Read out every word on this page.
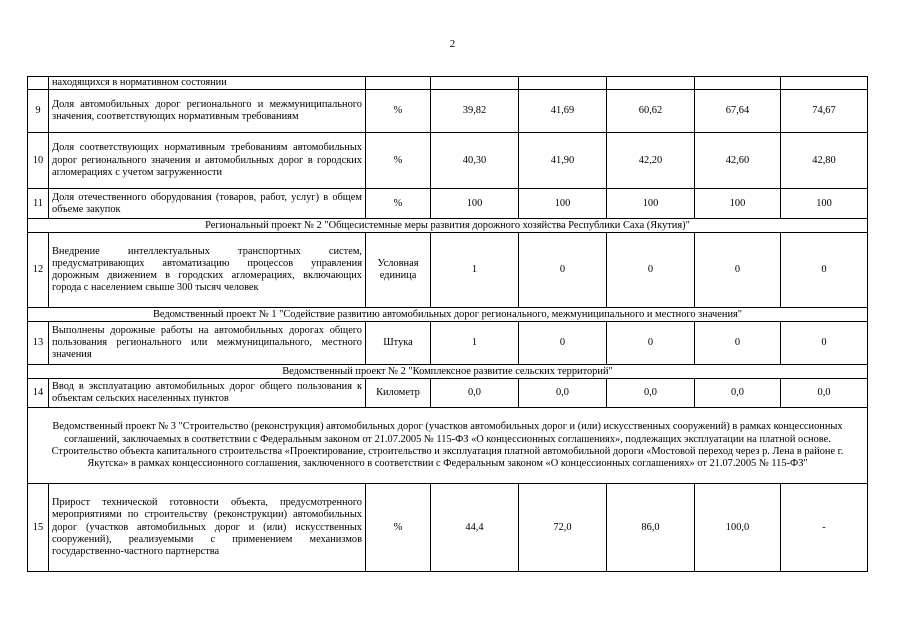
2
	находящихся в нормативном состоянии						
9	Доля автомобильных дорог регионального и межмуниципального значения, соответствующих нормативным требованиям	%	39,82	41,69	60,62	67,64	74,67
10	Доля соответствующих нормативным требованиям автомобильных дорог регионального значения и автомобильных дорог в городских агломерациях с учетом загруженности	%	40,30	41,90	42,20	42,60	42,80
11	Доля отечественного оборудования (товаров, работ, услуг) в общем объеме закупок	%	100	100	100	100	100
Региональный проект № 2 "Общесистемные меры развития дорожного хозяйства Республики Саха (Якутия)"							
12	Внедрение интеллектуальных транспортных систем, предусматривающих автоматизацию процессов управления дорожным движением в городских агломерациях, включающих города с населением свыше 300 тысяч человек	Условная единица	1	0	0	0	0
Ведомственный проект № 1 "Содействие развитию автомобильных дорог регионального, межмуниципального и местного значения"							
13	Выполнены дорожные работы на автомобильных дорогах общего пользования регионального или межмуниципального, местного значения	Штука	1	0	0	0	0
Ведомственный проект № 2 "Комплексное развитие сельских территорий"							
14	Ввод в эксплуатацию автомобильных дорог общего пользования к объектам сельских населенных пунктов	Километр	0,0	0,0	0,0	0,0	0,0
Ведомственный проект № 3 "Строительство (реконструкция) автомобильных дорог (участков автомобильных дорог и (или) искусственных сооружений) в рамках концессионных соглашений, заключаемых в соответствии с Федеральным законом от 21.07.2005 № 115-ФЗ «О концессионных соглашениях», подлежащих эксплуатации на платной основе. Строительство объекта капитального строительства «Проектирование, строительство и эксплуатация платной автомобильной дороги «Мостовой переход через р. Лена в районе г. Якутска» в рамках концессионного соглашения, заключенного в соответствии с Федеральным законом «О концессионных соглашениях» от 21.07.2005 № 115-ФЗ"							
15	Прирост технической готовности объекта, предусмотренного мероприятиями по строительству (реконструкции) автомобильных дорог (участков автомобильных дорог и (или) искусственных сооружений), реализуемыми с применением механизмов государственно-частного партнерства	%	44,4	72,0	86,0	100,0	-
